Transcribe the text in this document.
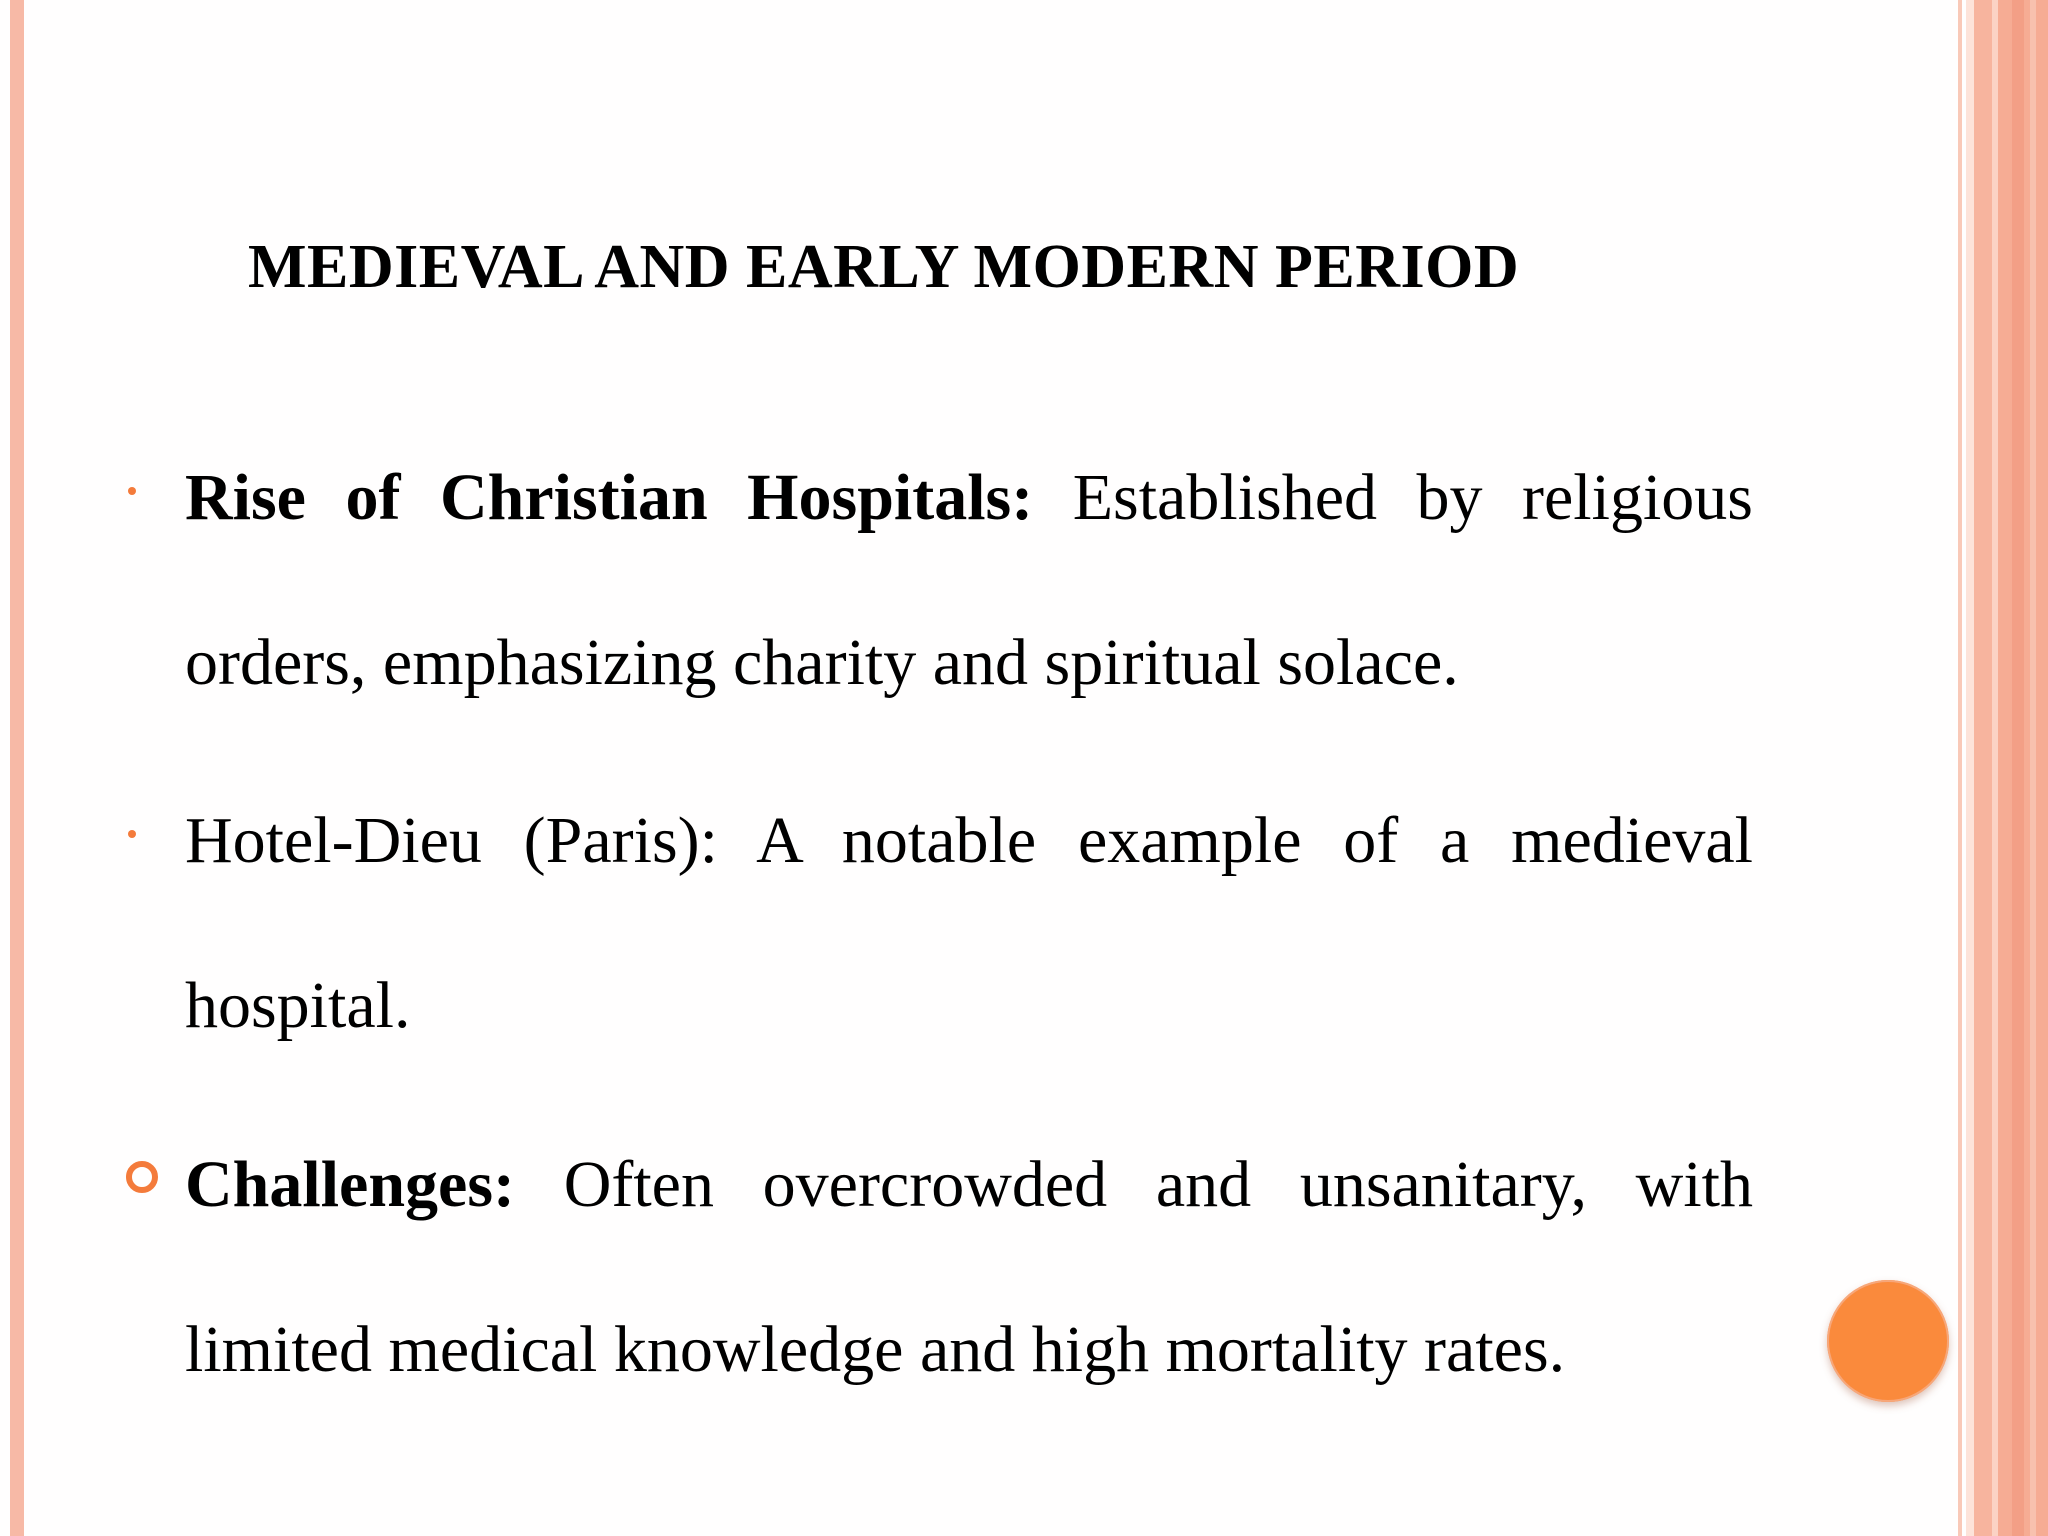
MEDIEVAL AND EARLY MODERN PERIOD
Rise of Christian Hospitals: Established by religious orders, emphasizing charity and spiritual solace.
Hotel-Dieu (Paris): A notable example of a medieval hospital.
Challenges: Often overcrowded and unsanitary, with limited medical knowledge and high mortality rates.
